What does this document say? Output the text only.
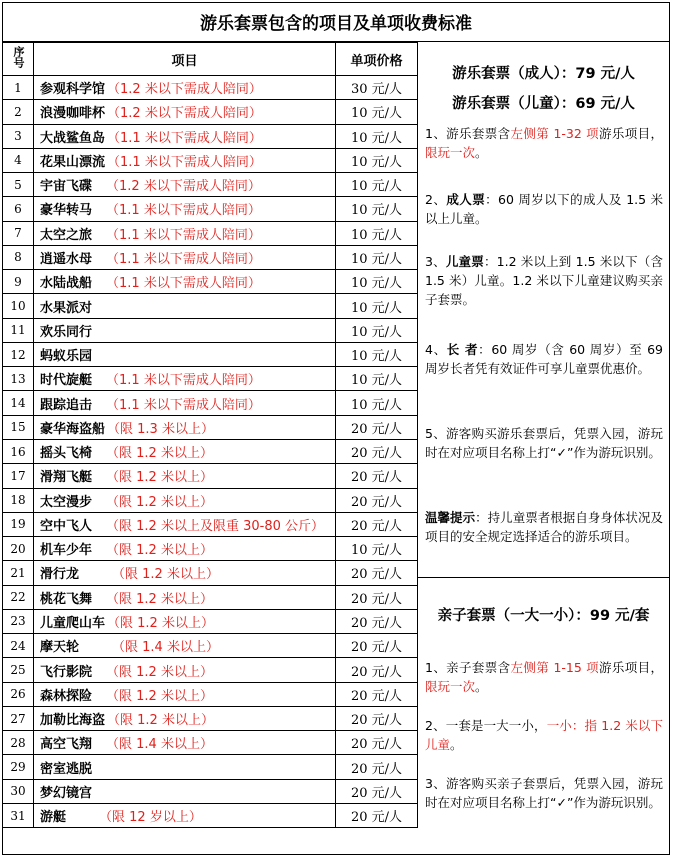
游乐套票包含的项目及单项收费标准
序号	项目	单项价格
1	参观科学馆 （1.2 米以下需成人陪同）	30 元/人
2	浪漫咖啡杯 （1.2 米以下需成人陪同）	10 元/人
3	大战鲨鱼岛 （1.1 米以下需成人陪同）	10 元/人
4	花果山漂流 （1.1 米以下需成人陪同）	10 元/人
5	宇宙飞碟 （1.2 米以下需成人陪同）	10 元/人
6	豪华转马 （1.1 米以下需成人陪同）	10 元/人
7	太空之旅 （1.1 米以下需成人陪同）	10 元/人
8	逍遥水母 （1.1 米以下需成人陪同）	10 元/人
9	水陆战船 （1.1 米以下需成人陪同）	10 元/人
10	水果派对	10 元/人
11	欢乐同行	10 元/人
12	蚂蚁乐园	10 元/人
13	时代旋艇 （1.1 米以下需成人陪同）	10 元/人
14	跟踪追击 （1.1 米以下需成人陪同）	10 元/人
15	豪华海盗船 （限 1.3 米以上）	20 元/人
16	摇头飞椅 （限 1.2 米以上）	20 元/人
17	滑翔飞艇 （限 1.2 米以上）	20 元/人
18	太空漫步 （限 1.2 米以上）	20 元/人
19	空中飞人 （限 1.2 米以上及限重 30-80 公斤）	20 元/人
20	机车少年 （限 1.2 米以上）	10 元/人
21	滑行龙 （限 1.2 米以上）	20 元/人
22	桃花飞舞 （限 1.2 米以上）	20 元/人
23	儿童爬山车 （限 1.2 米以上）	20 元/人
24	摩天轮 （限 1.4 米以上）	20 元/人
25	飞行影院 （限 1.2 米以上）	20 元/人
26	森林探险 （限 1.2 米以上）	20 元/人
27	加勒比海盗 （限 1.2 米以上）	20 元/人
28	高空飞翔 （限 1.4 米以上）	20 元/人
29	密室逃脱	20 元/人
30	梦幻镜宫	20 元/人
31	游艇 （限 12 岁以上）	20 元/人
游乐套票（成人）：79 元/人
游乐套票（儿童）：69 元/人
1、游乐套票含左侧第 1-32 项游乐项目，限玩一次。
2、成人票：60 周岁以下的成人及 1.5 米以上儿童。
3、儿童票：1.2 米以上到 1.5 米以下（含 1.5 米）儿童。1.2 米以下儿童建议购买亲子套票。
4、长 者：60 周岁（含 60 周岁）至 69 周岁长者凭有效证件可享儿童票优惠价。
5、游客购买游乐套票后，凭票入园，游玩时在对应项目名称上打“✓”作为游玩识别。
温馨提示：持儿童票者根据自身身体状况及项目的安全规定选择适合的游乐项目。
亲子套票（一大一小）：99 元/套
1、亲子套票含左侧第 1-15 项游乐项目，限玩一次。
2、一套是一大一小，一小：指 1.2 米以下儿童。
3、游客购买亲子套票后，凭票入园，游玩时在对应项目名称上打“✓”作为游玩识别。
